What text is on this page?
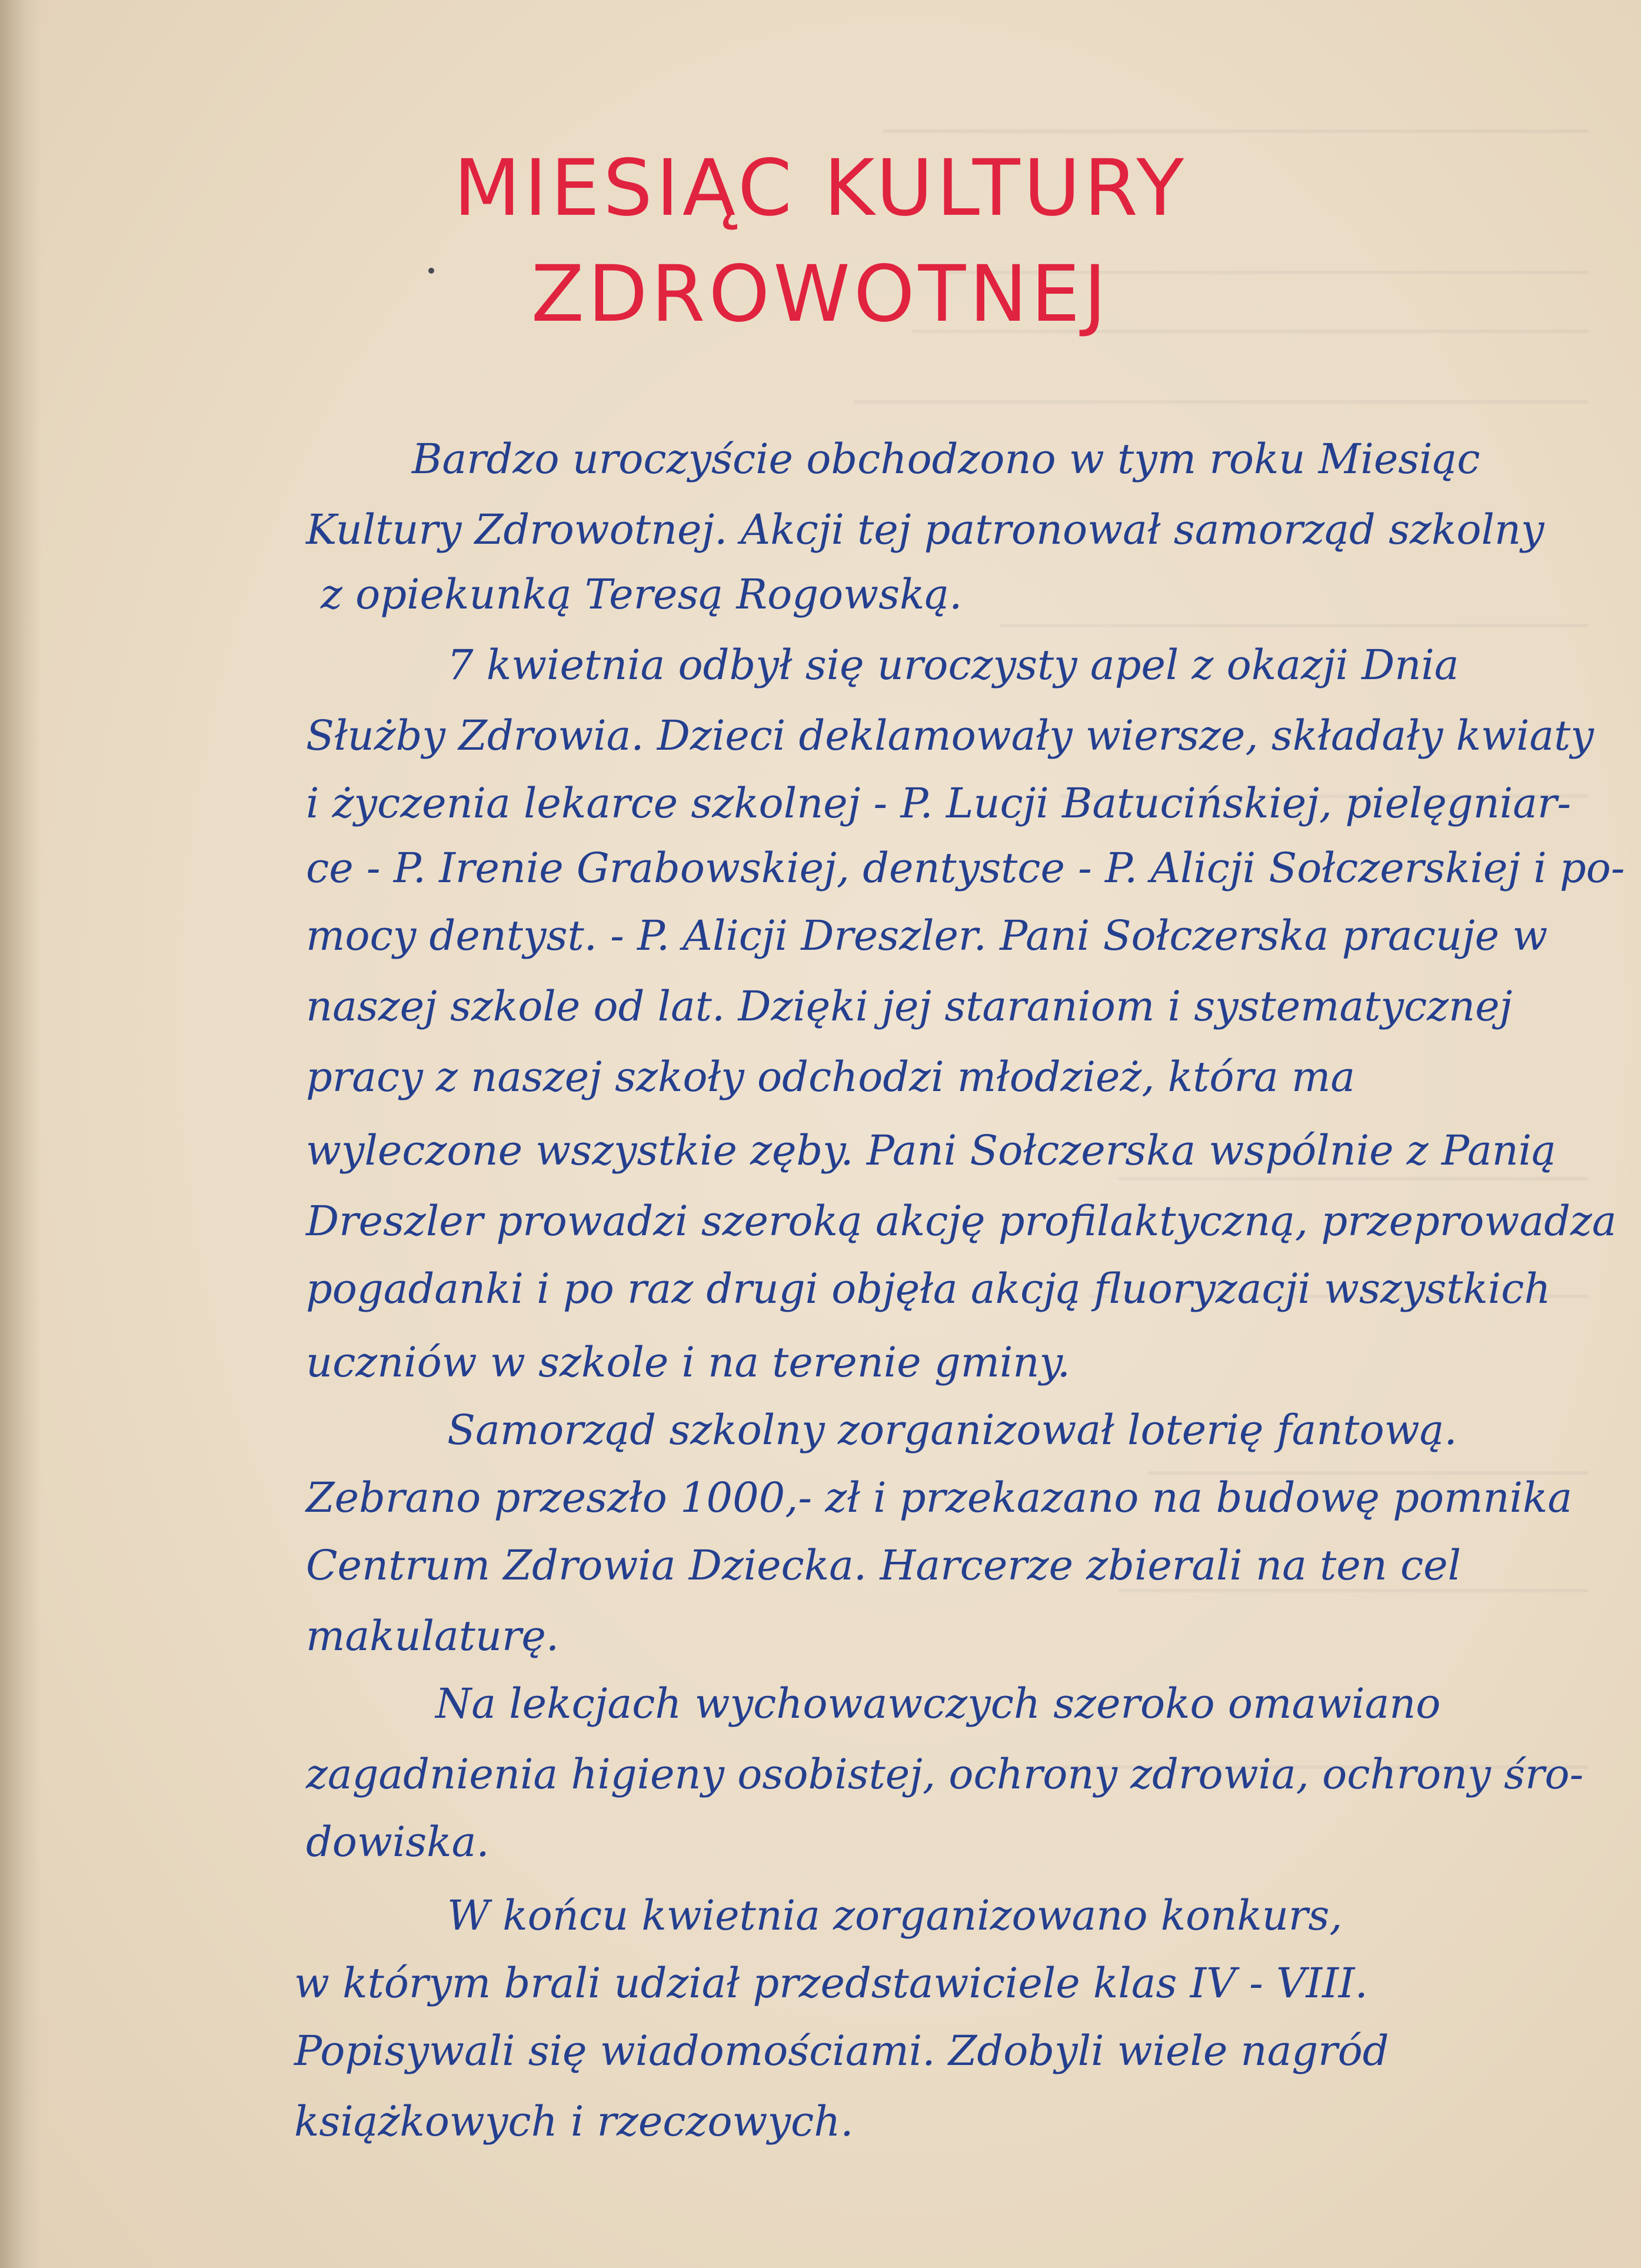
MIESIĄC KULTURY
ZDROWOTNEJ

Bardzo uroczyście obchodzono w tym roku Miesiąc

Kultury Zdrowotnej. Akcji tej patronował samorząd szkolny

z opiekunką Teresą Rogowską.

7 kwietnia odbył się uroczysty apel z okazji Dnia

Służby Zdrowia. Dzieci deklamowały wiersze, składały kwiaty

i życzenia lekarce szkolnej - P. Lucji Batucińskiej, pielęgniar-

ce - P. Irenie Grabowskiej, dentystce - P. Alicji Sołczerskiej i po-

mocy dentyst. - P. Alicji Dreszler. Pani Sołczerska pracuje w

naszej szkole od lat. Dzięki jej staraniom i systematycznej

pracy z naszej szkoły odchodzi młodzież, która ma

wyleczone wszystkie zęby. Pani Sołczerska wspólnie z Panią

Dreszler prowadzi szeroką akcję profilaktyczną, przeprowadza

pogadanki i po raz drugi objęła akcją fluoryzacji wszystkich

uczniów w szkole i na terenie gminy.

Samorząd szkolny zorganizował loterię fantową.

Zebrano przeszło 1000,- zł i przekazano na budowę pomnika

Centrum Zdrowia Dziecka. Harcerze zbierali na ten cel

makulaturę.

Na lekcjach wychowawczych szeroko omawiano

zagadnienia higieny osobistej, ochrony zdrowia, ochrony śro-

dowiska.

W końcu kwietnia zorganizowano konkurs,

w którym brali udział przedstawiciele klas IV - VIII.

Popisywali się wiadomościami. Zdobyli wiele nagród

książkowych i rzeczowych.
